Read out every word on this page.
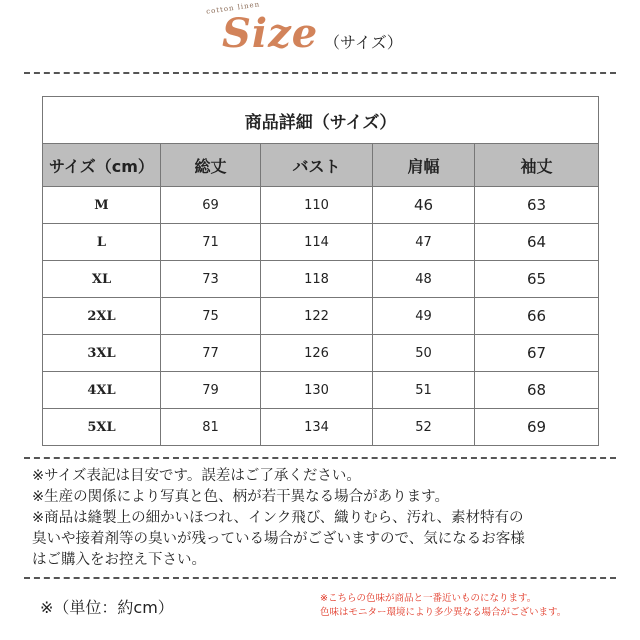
cotton linen
Size （サイズ）
商品詳細（サイズ）				
サイズ（cm）	総丈	バスト	肩幅	袖丈
M	69	110	46	63
L	71	114	47	64
XL	73	118	48	65
2XL	75	122	49	66
3XL	77	126	50	67
4XL	79	130	51	68
5XL	81	134	52	69
※サイズ表記は目安です。誤差はご了承ください。
※生産の関係により写真と色、柄が若干異なる場合があります。
※商品は縫製上の細かいほつれ、インク飛び、織りむら、汚れ、素材特有の
臭いや接着剤等の臭いが残っている場合がございますので、気になるお客様
はご購入をお控え下さい。
※（単位：約cm）	※こちらの色味が商品と一番近いものになります。
色味はモニター環境により多少異なる場合がございます。
